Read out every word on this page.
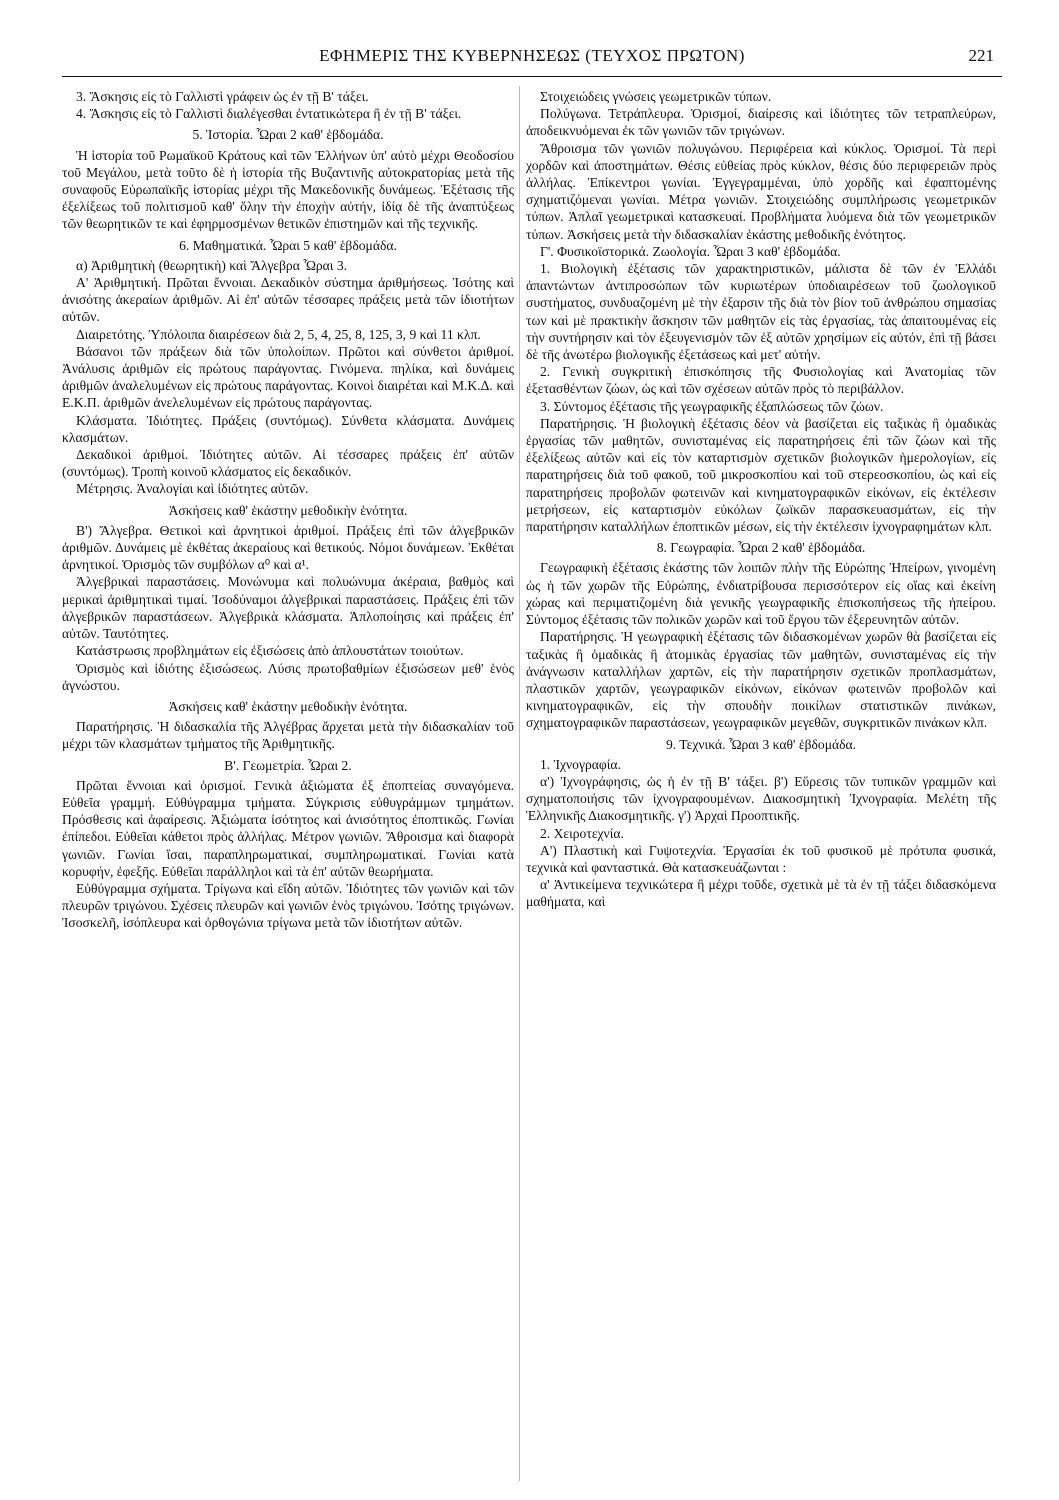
ΕΦΗΜΕΡΙΣ ΤΗΣ ΚΥΒΕΡΝΗΣΕΩΣ (ΤΕΥΧΟΣ ΠΡΩΤΟΝ)	221

3. Ἄσκησις εἰς τὸ Γαλλιστὶ γράφειν ὡς ἐν τῇ Β' τάξει.

4. Ἄσκησις εἰς τὸ Γαλλιστὶ διαλέγεσθαι ἐντατικώτερα ἢ ἐν τῇ Β' τάξει.

5. Ἱστορία. Ὧραι 2 καθ' ἑβδομάδα.

Ἡ ἱστορία τοῦ Ρωμαϊκοῦ Κράτους καὶ τῶν Ἑλλήνων ὑπ' αὐτὸ μέχρι Θεοδοσίου τοῦ Μεγάλου, μετὰ τοῦτο δὲ ἡ ἱστορία τῆς Βυζαντινῆς αὐτοκρατορίας μετὰ τῆς συναφοῦς Εὐρωπαϊκῆς ἱστορίας μέχρι τῆς Μακεδονικῆς δυνάμεως. Ἐξέτασις τῆς ἐξελίξεως τοῦ πολιτισμοῦ καθ' ὅλην τὴν ἐποχὴν αὐτήν, ἰδίᾳ δὲ τῆς ἀναπτύξεως τῶν θεωρητικῶν τε καὶ ἐφηρμοσμένων θετικῶν ἐπιστημῶν καὶ τῆς τεχνικῆς.

6. Μαθηματικά. Ὧραι 5 καθ' ἑβδομάδα.

α) Ἀριθμητικὴ (θεωρητικὴ) καὶ Ἄλγεβρα Ὧραι 3.

Α' Ἀριθμητική. Πρῶται ἔννοιαι. Δεκαδικὸν σύστημα ἀριθμήσεως. Ἰσότης καὶ ἀνισότης ἀκεραίων ἀριθμῶν. Αἱ ἐπ' αὐτῶν τέσσαρες πράξεις μετὰ τῶν ἰδιοτήτων αὐτῶν.

Διαιρετότης. Ὑπόλοιπα διαιρέσεων διὰ 2, 5, 4, 25, 8, 125, 3, 9 καὶ 11 κλπ.

Βάσανοι τῶν πράξεων διὰ τῶν ὑπολοίπων. Πρῶτοι καὶ σύνθετοι ἀριθμοί. Ἀνάλυσις ἀριθμῶν εἰς πρώτους παράγοντας. Γινόμενα. πηλίκα, καὶ δυνάμεις ἀριθμῶν ἀναλελυμένων εἰς πρώτους παράγοντας. Κοινοὶ διαιρέται καὶ Μ.Κ.Δ. καὶ Ε.Κ.Π. ἀριθμῶν ἀνελελυμένων εἰς πρώτους παράγοντας.

Κλάσματα. Ἰδιότητες. Πράξεις (συντόμως). Σύνθετα κλάσματα. Δυνάμεις κλασμάτων.

Δεκαδικοὶ ἀριθμοί. Ἰδιότητες αὐτῶν. Αἱ τέσσαρες πράξεις ἐπ' αὐτῶν (συντόμως). Τροπὴ κοινοῦ κλάσματος εἰς δεκαδικόν.

Μέτρησις. Ἀναλογίαι καὶ ἰδιότητες αὐτῶν.

Ἀσκήσεις καθ' ἑκάστην μεθοδικὴν ἑνότητα.

Β') Ἄλγεβρα. Θετικοὶ καὶ ἀρνητικοὶ ἀριθμοί. Πράξεις ἐπὶ τῶν ἀλγεβρικῶν ἀριθμῶν. Δυνάμεις μὲ ἐκθέτας ἀκεραίους καὶ θετικούς. Νόμοι δυνάμεων. Ἐκθέται ἀρνητικοί. Ὁρισμὸς τῶν συμβόλων α⁰ καὶ α¹.

Ἀλγεβρικαὶ παραστάσεις. Μονώνυμα καὶ πολυώνυμα ἀκέραια, βαθμὸς καὶ μερικαὶ ἀριθμητικαὶ τιμαί. Ἰσοδύναμοι ἀλγεβρικαὶ παραστάσεις. Πράξεις ἐπὶ τῶν ἀλγεβρικῶν παραστάσεων. Ἀλγεβρικὰ κλάσματα. Ἁπλοποίησις καὶ πράξεις ἐπ' αὐτῶν. Ταυτότητες.

Κατάστρωσις προβλημάτων εἰς ἐξισώσεις ἀπὸ ἁπλουστάτων τοιούτων.

Ὁρισμὸς καὶ ἰδιότης ἐξισώσεως. Λύσις πρωτοβαθμίων ἐξισώσεων μεθ' ἑνὸς ἀγνώστου.

Ἀσκήσεις καθ' ἑκάστην μεθοδικὴν ἑνότητα.

Παρατήρησις. Ἡ διδασκαλία τῆς Ἀλγέβρας ἄρχεται μετὰ τὴν διδασκαλίαν τοῦ μέχρι τῶν κλασμάτων τμήματος τῆς Ἀριθμητικῆς.

Β'. Γεωμετρία. Ὧραι 2.

Πρῶται ἔννοιαι καὶ ὁρισμοί. Γενικὰ ἀξιώματα ἐξ ἐποπτείας συναγόμενα. Εὐθεῖα γραμμή. Εὐθύγραμμα τμήματα. Σύγκρισις εὐθυγράμμων τμημάτων. Πρόσθεσις καὶ ἀφαίρεσις. Ἀξιώματα ἰσότητος καὶ ἀνισότητος ἐποπτικῶς. Γωνίαι ἐπίπεδοι. Εὐθεῖαι κάθετοι πρὸς ἀλλήλας. Μέτρον γωνιῶν. Ἄθροισμα καὶ διαφορὰ γωνιῶν. Γωνίαι ἴσαι, παραπληρωματικαί, συμπληρωματικαί. Γωνίαι κατὰ κορυφήν, ἐφεξῆς. Εὐθεῖαι παράλληλοι καὶ τὰ ἐπ' αὐτῶν θεωρήματα.

Εὐθύγραμμα σχήματα. Τρίγωνα καὶ εἴδη αὐτῶν. Ἰδιότητες τῶν γωνιῶν καὶ τῶν πλευρῶν τριγώνου. Σχέσεις πλευρῶν καὶ γωνιῶν ἑνὸς τριγώνου. Ἰσότης τριγώνων. Ἰσοσκελῆ, ἰσόπλευρα καὶ ὀρθογώνια τρίγωνα μετὰ τῶν ἰδιοτήτων αὐτῶν.

Στοιχειώδεις γνώσεις γεωμετρικῶν τύπων.

Πολύγωνα. Τετράπλευρα. Ὁρισμοί, διαίρεσις καὶ ἰδιότητες τῶν τετραπλεύρων, ἀποδεικνυόμεναι ἐκ τῶν γωνιῶν τῶν τριγώνων.

Ἄθροισμα τῶν γωνιῶν πολυγώνου. Περιφέρεια καὶ κύκλος. Ὁρισμοί. Τὰ περὶ χορδῶν καὶ ἀποστημάτων. Θέσις εὐθείας πρὸς κύκλον, θέσις δύο περιφερειῶν πρὸς ἀλλήλας. Ἐπίκεντροι γωνίαι. Ἐγγεγραμμέναι, ὑπὸ χορδῆς καὶ ἐφαπτομένης σχηματιζόμεναι γωνίαι. Μέτρα γωνιῶν. Στοιχειώδης συμπλήρωσις γεωμετρικῶν τύπων. Ἁπλαῖ γεωμετρικαὶ κατασκευαί. Προβλήματα λυόμενα διὰ τῶν γεωμετρικῶν τύπων. Ἀσκήσεις μετὰ τὴν διδασκαλίαν ἑκάστης μεθοδικῆς ἑνότητος.

Γ'. Φυσικοϊστορικά. Ζωολογία. Ὧραι 3 καθ' ἑβδομάδα.

1. Βιολογικὴ ἐξέτασις τῶν χαρακτηριστικῶν, μάλιστα δὲ τῶν ἐν Ἑλλάδι ἀπαντώντων ἀντιπροσώπων τῶν κυριωτέρων ὑποδιαιρέσεων τοῦ ζωολογικοῦ συστήματος, συνδυαζομένη μὲ τὴν ἐξαρσιν τῆς διὰ τὸν βίον τοῦ ἀνθρώπου σημασίας των καὶ μὲ πρακτικὴν ἄσκησιν τῶν μαθητῶν εἰς τὰς ἐργασίας, τὰς ἀπαιτουμένας εἰς τὴν συντήρησιν καὶ τὸν ἐξευγενισμὸν τῶν ἐξ αὐτῶν χρησίμων εἰς αὐτόν, ἐπὶ τῇ βάσει δὲ τῆς ἀνωτέρω βιολογικῆς ἐξετάσεως καὶ μετ' αὐτήν.

2. Γενικὴ συγκριτικὴ ἐπισκόπησις τῆς Φυσιολογίας καὶ Ἀνατομίας τῶν ἐξετασθέντων ζώων, ὡς καὶ τῶν σχέσεων αὐτῶν πρὸς τὸ περιβάλλον.

3. Σύντομος ἐξέτασις τῆς γεωγραφικῆς ἐξαπλώσεως τῶν ζώων.

Παρατήρησις. Ἡ βιολογικὴ ἐξέτασις δέον νὰ βασίζεται εἰς ταξικὰς ἢ ὁμαδικὰς ἐργασίας τῶν μαθητῶν, συνισταμένας εἰς παρατηρήσεις ἐπὶ τῶν ζώων καὶ τῆς ἐξελίξεως αὐτῶν καὶ εἰς τὸν καταρτισμὸν σχετικῶν βιολογικῶν ἡμερολογίων, εἰς παρατηρήσεις διὰ τοῦ φακοῦ, τοῦ μικροσκοπίου καὶ τοῦ στερεοσκοπίου, ὡς καὶ εἰς παρατηρήσεις προβολῶν φωτεινῶν καὶ κινηματογραφικῶν εἰκόνων, εἰς ἐκτέλεσιν μετρήσεων, εἰς καταρτισμὸν εὐκόλων ζωϊκῶν παρασκευασμάτων, εἰς τὴν παρατήρησιν καταλλήλων ἐποπτικῶν μέσων, εἰς τὴν ἐκτέλεσιν ἰχνογραφημάτων κλπ.

8. Γεωγραφία. Ὧραι 2 καθ' ἑβδομάδα.

Γεωγραφικὴ ἐξέτασις ἑκάστης τῶν λοιπῶν πλὴν τῆς Εὐρώπης Ἠπείρων, γινομένη ὡς ἡ τῶν χωρῶν τῆς Εὐρώπης, ἐνδιατρίβουσα περισσότερον εἰς οἵας καὶ ἐκείνη χώρας καὶ περιματιζομένη διὰ γενικῆς γεωγραφικῆς ἐπισκοπήσεως τῆς ἠπείρου. Σύντομος ἐξέτασις τῶν πολικῶν χωρῶν καὶ τοῦ ἔργου τῶν ἐξερευνητῶν αὐτῶν.

Παρατήρησις. Ἡ γεωγραφικὴ ἐξέτασις τῶν διδασκομένων χωρῶν θὰ βασίζεται εἰς ταξικὰς ἢ ὁμαδικὰς ἢ ἀτομικὰς ἐργασίας τῶν μαθητῶν, συνισταμένας εἰς τὴν ἀνάγνωσιν καταλλήλων χαρτῶν, εἰς τὴν παρατήρησιν σχετικῶν προπλασμάτων, πλαστικῶν χαρτῶν, γεωγραφικῶν εἰκόνων, εἰκόνων φωτεινῶν προβολῶν καὶ κινηματογραφικῶν, εἰς τὴν σπουδὴν ποικίλων στατιστικῶν πινάκων, σχηματογραφικῶν παραστάσεων, γεωγραφικῶν μεγεθῶν, συγκριτικῶν πινάκων κλπ.

9. Τεχνικά. Ὧραι 3 καθ' ἑβδομάδα.

1. Ἰχνογραφία.

α') Ἰχνογράφησις, ὡς ἡ ἐν τῇ Β' τάξει. β') Εὕρεσις τῶν τυπικῶν γραμμῶν καὶ σχηματοποιήσις τῶν ἰχνογραφουμένων. Διακοσμητικὴ Ἰχνογραφία. Μελέτη τῆς Ἑλληνικῆς Διακοσμητικῆς. γ') Ἀρχαὶ Προοπτικῆς.

2. Χειροτεχνία.

Α') Πλαστικὴ καὶ Γυψοτεχνία. Ἐργασίαι ἐκ τοῦ φυσικοῦ μὲ πρότυπα φυσικά, τεχνικὰ καὶ φανταστικά. Θὰ κατασκευάζωνται :

α' Ἀντικείμενα τεχνικώτερα ἢ μέχρι τοῦδε, σχετικὰ μὲ τὰ ἐν τῇ τάξει διδασκόμενα μαθήματα, καὶ
